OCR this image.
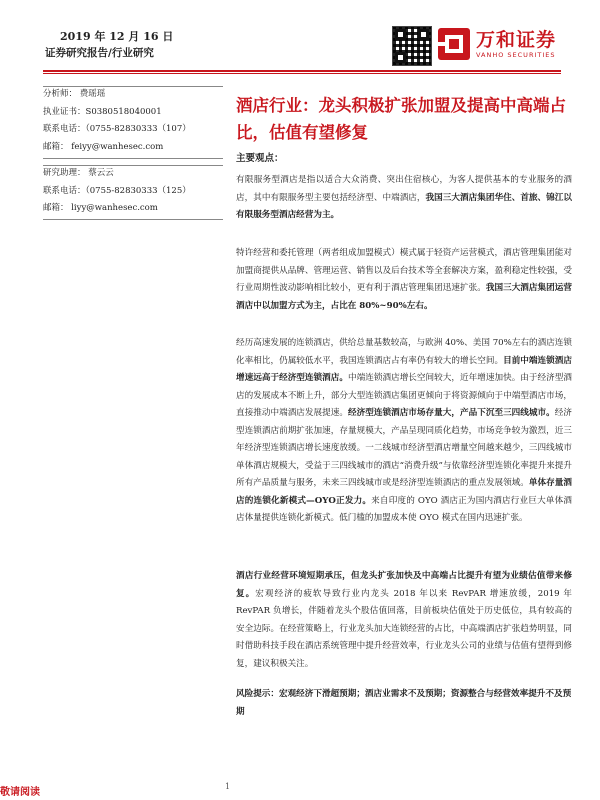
2019 年 12 月 16 日
证券研究报告/行业研究
万和证券
VANHO SECURITIES
分析师： 费瑶瑶
执业证书：S0380518040001
联系电话：（0755-82830333（107）
邮箱： feiyy@wanhesec.com
研究助理： 蔡云云
联系电话：（0755-82830333（125）
邮箱： liyy@wanhesec.com
酒店行业：龙头积极扩张加盟及提高中高端占比，估值有望修复
主要观点：
有限服务型酒店是指以适合大众消费、突出住宿核心，为客人提供基本的专业服务的酒店，其中有限服务型主要包括经济型、中端酒店，我国三大酒店集团华住、首旅、锦江以有限服务型酒店经营为主。
特许经营和委托管理（两者组成加盟模式）模式属于轻资产运营模式，酒店管理集团能对加盟商提供从品牌、管理运营、销售以及后台技术等全套解决方案，盈利稳定性较强，受行业周期性波动影响相比较小，更有利于酒店管理集团迅速扩张。我国三大酒店集团运营酒店中以加盟方式为主，占比在 80%~90%左右。
经历高速发展的连锁酒店，供给总量基数较高，与欧洲 40%、美国 70%左右的酒店连锁化率相比，仍属较低水平，我国连锁酒店占有率仍有较大的增长空间。目前中端连锁酒店增速远高于经济型连锁酒店。中端连锁酒店增长空间较大，近年增速加快。由于经济型酒店的发展成本不断上升，部分大型连锁酒店集团更倾向于将资源倾向于中端型酒店市场，直接推动中端酒店发展提速。经济型连锁酒店市场存量大，产品下沉至三四线城市。经济型连锁酒店前期扩张加速，存量规模大，产品呈现同质化趋势，市场竞争较为激烈，近三年经济型连锁酒店增长速度放缓。一二线城市经济型酒店增量空间越来越少，三四线城市单体酒店规模大，受益于三四线城市的酒店“消费升级”与依靠经济型连锁化率提升来提升所有产品质量与服务，未来三四线城市或是经济型连锁酒店的重点发展领域。单体存量酒店的连锁化新模式—OYO正发力。来自印度的 OYO 酒店正为国内酒店行业巨大单体酒店体量提供连锁化新模式。低门槛的加盟成本使 OYO 模式在国内迅速扩张。
酒店行业经营环境短期承压，但龙头扩张加快及中高端占比提升有望为业绩估值带来修复。宏观经济的疲软导致行业内龙头 2018 年以来 RevPAR 增速放缓，2019 年 RevPAR 负增长，伴随着龙头个股估值回落，目前板块估值处于历史低位，具有较高的安全边际。在经营策略上，行业龙头加大连锁经营的占比，中高端酒店扩张趋势明显，同时借助科技手段在酒店系统管理中提升经营效率，行业龙头公司的业绩与估值有望得到修复，建议积极关注。
风险提示：宏观经济下滑超预期；酒店业需求不及预期；资源整合与经营效率提升不及预期
敬请阅读
1
